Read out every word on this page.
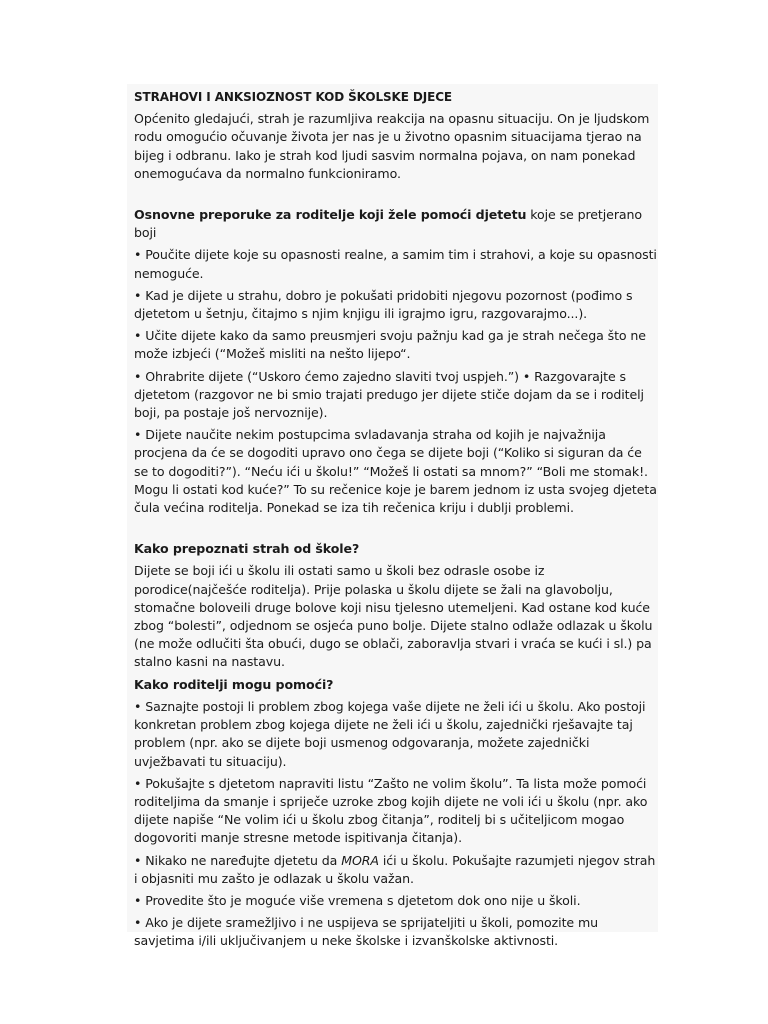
STRAHOVI I ANKSIOZNOST KOD ŠKOLSKE DJECE

Općenito gledajući, strah je razumljiva reakcija na opasnu situaciju. On je ljudskom rodu omogućio očuvanje života jer nas je u životno opasnim situacijama tjerao na bijeg i odbranu. Iako je strah kod ljudi sasvim normalna pojava, on nam ponekad onemogućava da normalno funkcioniramo.

Osnovne preporuke za roditelje koji žele pomoći djetetu koje se pretjerano boji

• Poučite dijete koje su opasnosti realne, a samim tim i strahovi, a koje su opasnosti nemoguće.

• Kad je dijete u strahu, dobro je pokušati pridobiti njegovu pozornost (pođimo s djetetom u šetnju, čitajmo s njim knjigu ili igrajmo igru, razgovarajmo...).

• Učite dijete kako da samo preusmjeri svoju pažnju kad ga je strah nečega što ne može izbjeći (“Možeš misliti na nešto lijepo“.

• Ohrabrite dijete (“Uskoro ćemo zajedno slaviti tvoj uspjeh.”) • Razgovarajte s djetetom (razgovor ne bi smio trajati predugo jer dijete stiče dojam da se i roditelj boji, pa postaje još nervoznije).

• Dijete naučite nekim postupcima svladavanja straha od kojih je najvažnija procjena da će se dogoditi upravo ono čega se dijete boji (“Koliko si siguran da će se to dogoditi?”). “Neću ići u školu!” “Možeš li ostati sa mnom?” “Boli me stomak!. Mogu li ostati kod kuće?” To su rečenice koje je barem jednom iz usta svojeg djeteta čula većina roditelja. Ponekad se iza tih rečenica kriju i dublji problemi.

Kako prepoznati strah od škole?

Dijete se boji ići u školu ili ostati samo u školi bez odrasle osobe iz porodice(najčešće roditelja). Prije polaska u školu dijete se žali na glavobolju, stomačne boloveili druge bolove koji nisu tjelesno utemeljeni. Kad ostane kod kuće zbog “bolesti”, odjednom se osjeća puno bolje. Dijete stalno odlaže odlazak u školu (ne može odlučiti šta obući, dugo se oblači, zaboravlja stvari i vraća se kući i sl.) pa stalno kasni na nastavu.

Kako roditelji mogu pomoći?

• Saznajte postoji li problem zbog kojega vaše dijete ne želi ići u školu. Ako postoji konkretan problem zbog kojega dijete ne želi ići u školu, zajednički rješavajte taj problem (npr. ako se dijete boji usmenog odgovaranja, možete zajednički uvježbavati tu situaciju).

• Pokušajte s djetetom napraviti listu “Zašto ne volim školu”. Ta lista može pomoći roditeljima da smanje i spriječe uzroke zbog kojih dijete ne voli ići u školu (npr. ako dijete napiše “Ne volim ići u školu zbog čitanja”, roditelj bi s učiteljicom mogao dogovoriti manje stresne metode ispitivanja čitanja).

• Nikako ne naređujte djetetu da MORA ići u školu. Pokušajte razumjeti njegov strah i objasniti mu zašto je odlazak u školu važan.

• Provedite što je moguće više vremena s djetetom dok ono nije u školi.

• Ako je dijete sramežljivo i ne uspijeva se sprijateljiti u školi, pomozite mu savjetima i/ili uključivanjem u neke školske i izvanškolske aktivnosti.
